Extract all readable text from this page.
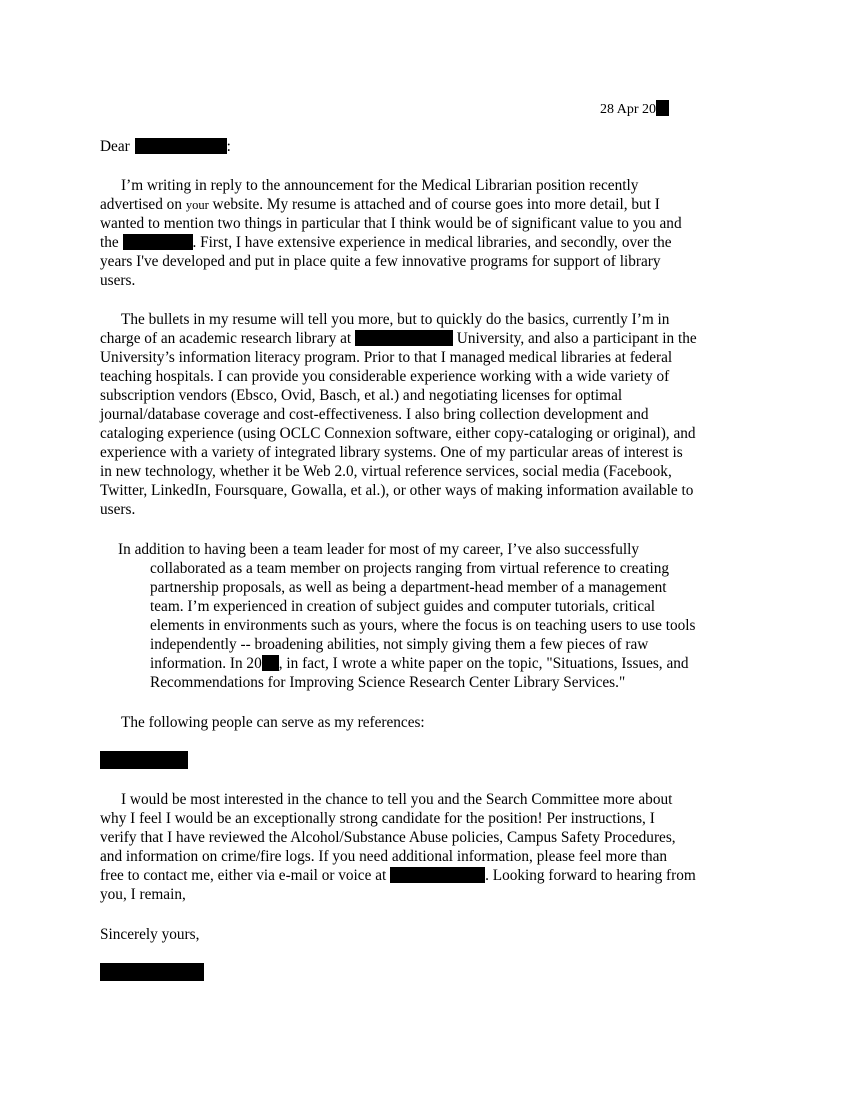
28 Apr 20
Dear	:
I’m writing in reply to the announcement for the Medical Librarian position recently
advertised on your website. My resume is attached and of course goes into more detail, but I
wanted to mention two things in particular that I think would be of significant value to you and
the	. First, I have extensive experience in medical libraries, and secondly, over the
years I've developed and put in place quite a few innovative programs for support of library
users.
The bullets in my resume will tell you more, but to quickly do the basics, currently I’m in
charge of an academic research library at	University, and also a participant in the
University’s information literacy program. Prior to that I managed medical libraries at federal
teaching hospitals. I can provide you considerable experience working with a wide variety of
subscription vendors (Ebsco, Ovid, Basch, et al.) and negotiating licenses for optimal
journal/database coverage and cost-effectiveness. I also bring collection development and
cataloging experience (using OCLC Connexion software, either copy-cataloging or original), and
experience with a variety of integrated library systems. One of my particular areas of interest is
in new technology, whether it be Web 2.0, virtual reference services, social media (Facebook,
Twitter, LinkedIn, Foursquare, Gowalla, et al.), or other ways of making information available to
users.
In addition to having been a team leader for most of my career, I’ve also successfully
collaborated as a team member on projects ranging from virtual reference to creating
partnership proposals, as well as being a department-head member of a management
team. I’m experienced in creation of subject guides and computer tutorials, critical
elements in environments such as yours, where the focus is on teaching users to use tools
independently -- broadening abilities, not simply giving them a few pieces of raw
information. In 20 , in fact, I wrote a white paper on the topic, "Situations, Issues, and
Recommendations for Improving Science Research Center Library Services."
The following people can serve as my references:
I would be most interested in the chance to tell you and the Search Committee more about
why I feel I would be an exceptionally strong candidate for the position! Per instructions, I
verify that I have reviewed the Alcohol/Substance Abuse policies, Campus Safety Procedures,
and information on crime/fire logs. If you need additional information, please feel more than
free to contact me, either via e-mail or voice at	. Looking forward to hearing from
you, I remain,
Sincerely yours,
